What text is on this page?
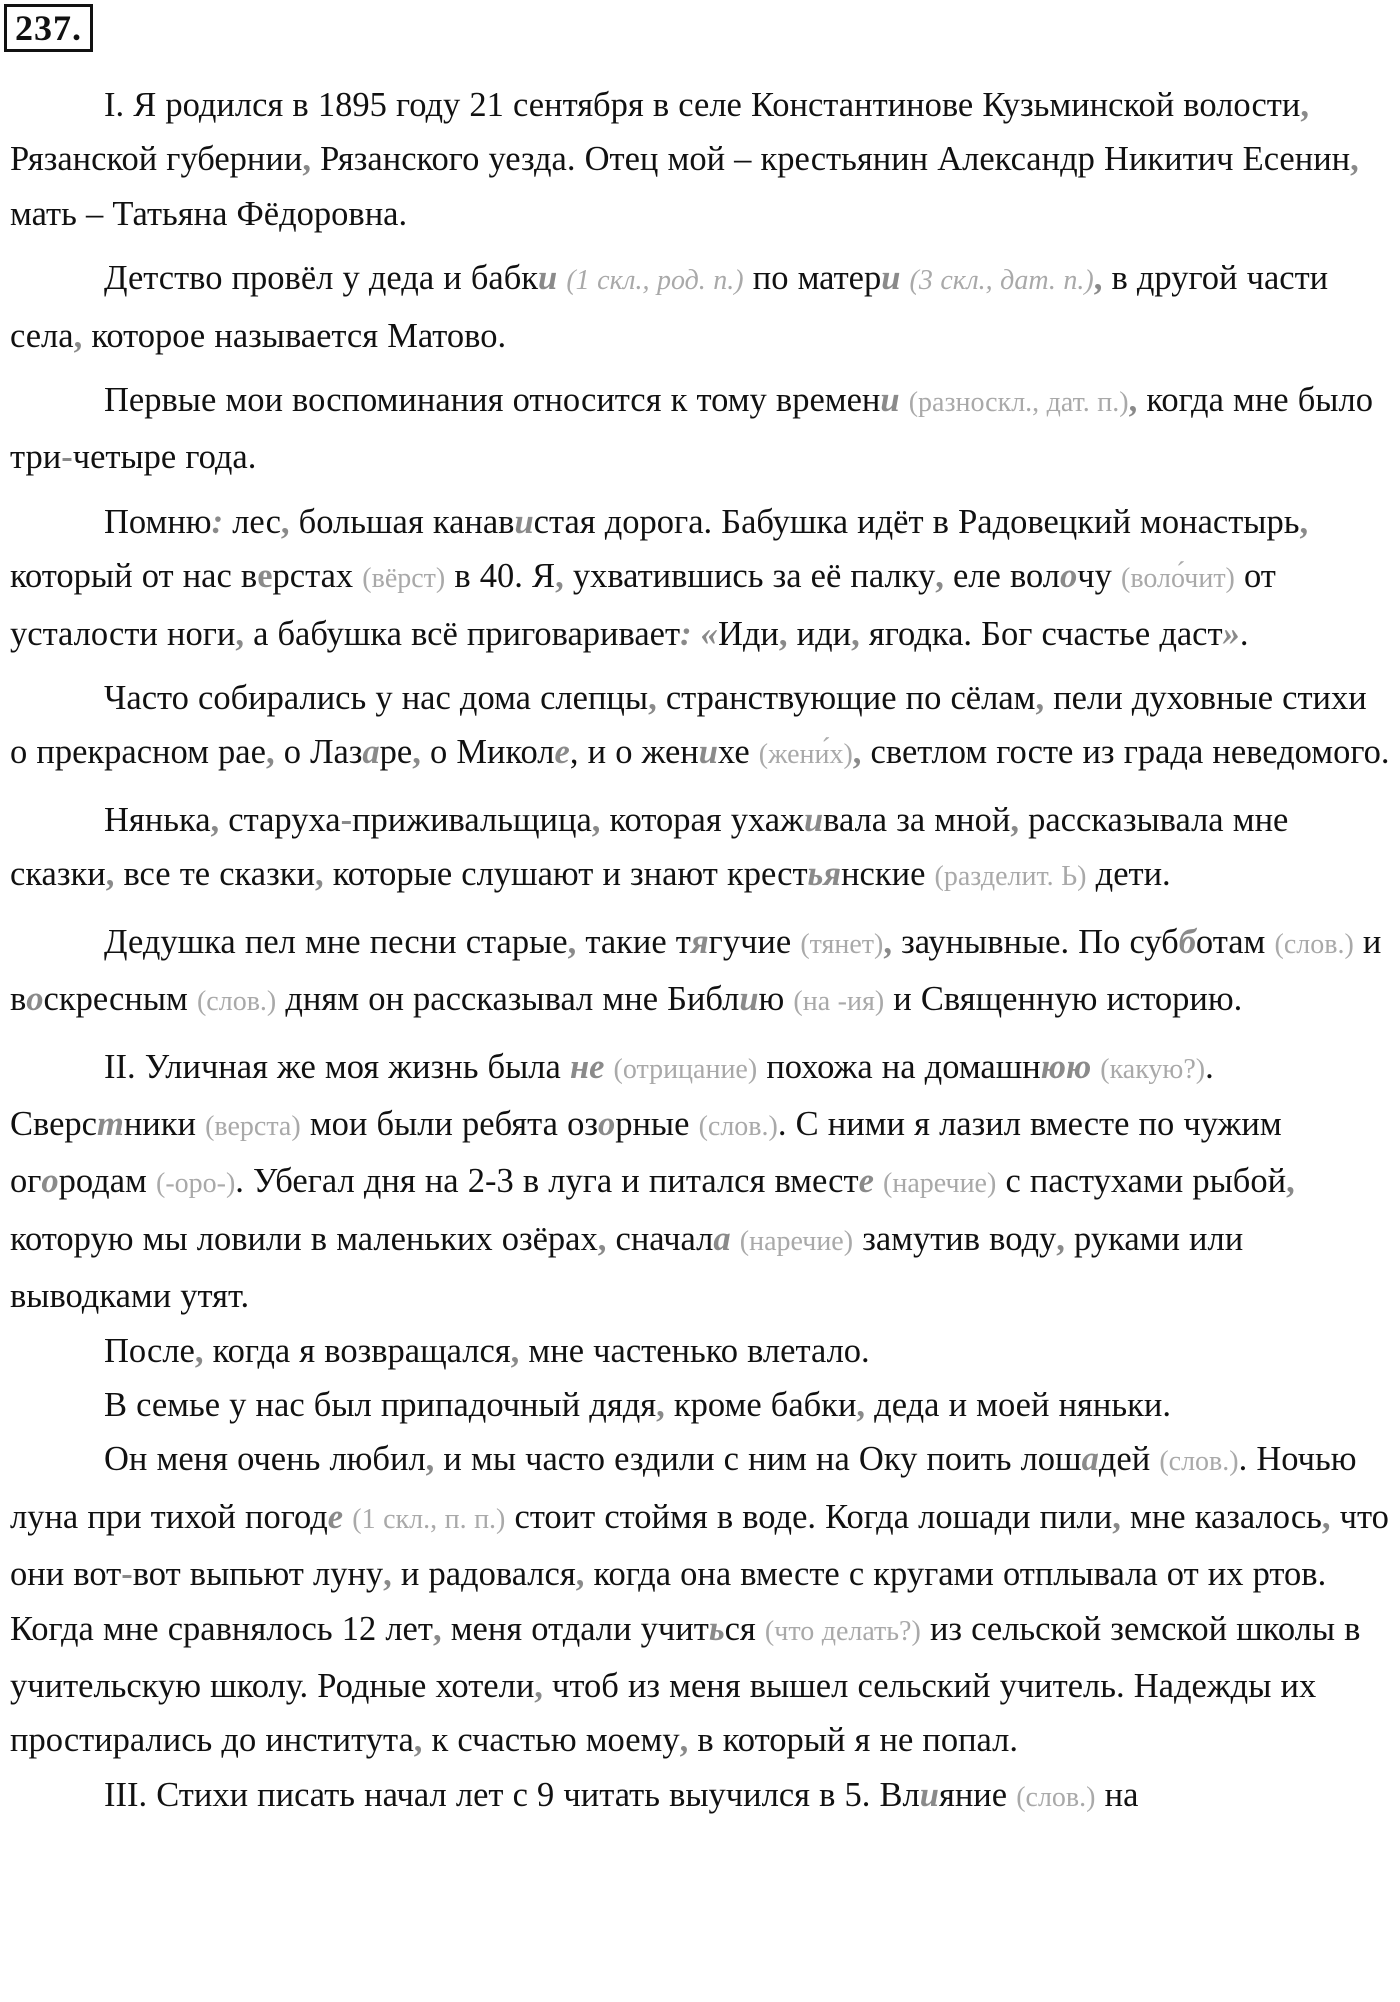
237.

I. Я родился в 1895 году 21 сентября в селе Константинове Кузьминской волости, Рязанской губернии, Рязанского уезда. Отец мой – крестьянин Александр Никитич Есенин, мать – Татьяна Фёдоровна.

Детство провёл у деда и бабки (1 скл., род. п.) по матери (3 скл., дат. п.), в другой части села, которое называется Матово.

Первые мои воспоминания относится к тому времени (разноскл., дат. п.), когда мне было три-четыре года.

Помню: лес, большая канавистая дорога. Бабушка идёт в Радовецкий монастырь, который от нас верстах (вёрст) в 40. Я, ухватившись за её палку, еле волочу (воло́чит) от усталости ноги, а бабушка всё приговаривает: «Иди, иди, ягодка. Бог счастье даст».

Часто собирались у нас дома слепцы, странствующие по сёлам, пели духовные стихи о прекрасном рае, о Лазаре, о Миколе, и о женихе (жени́х), светлом госте из града неведомого.

Нянька, старуха-приживальщица, которая ухаживала за мной, рассказывала мне сказки, все те сказки, которые слушают и знают крестьянские (разделит. Ь) дети.

Дедушка пел мне песни старые, такие тягучие (тянет), заунывные. По субботам (слов.) и воскресным (слов.) дням он рассказывал мне Библию (на -ия) и Священную историю.

II. Уличная же моя жизнь была не (отрицание) похожа на домашнюю (какую?). Сверстники (верста) мои были ребята озорные (слов.). С ними я лазил вместе по чужим огородам (-оро-). Убегал дня на 2-3 в луга и питался вместе (наречие) с пастухами рыбой, которую мы ловили в маленьких озёрах, сначала (наречие) замутив воду, руками или выводками утят.

После, когда я возвращался, мне частенько влетало.

В семье у нас был припадочный дядя, кроме бабки, деда и моей няньки.

Он меня очень любил, и мы часто ездили с ним на Оку поить лошадей (слов.). Ночью луна при тихой погоде (1 скл., п. п.) стоит стоймя в воде. Когда лошади пили, мне казалось, что они вот-вот выпьют луну, и радовался, когда она вместе с кругами отплывала от их ртов. Когда мне сравнялось 12 лет, меня отдали учиться (что делать?) из сельской земской школы в учительскую школу. Родные хотели, чтоб из меня вышел сельский учитель. Надежды их простирались до института, к счастью моему, в который я не попал.

III. Стихи писать начал лет с 9 читать выучился в 5. Влияние (слов.) на
